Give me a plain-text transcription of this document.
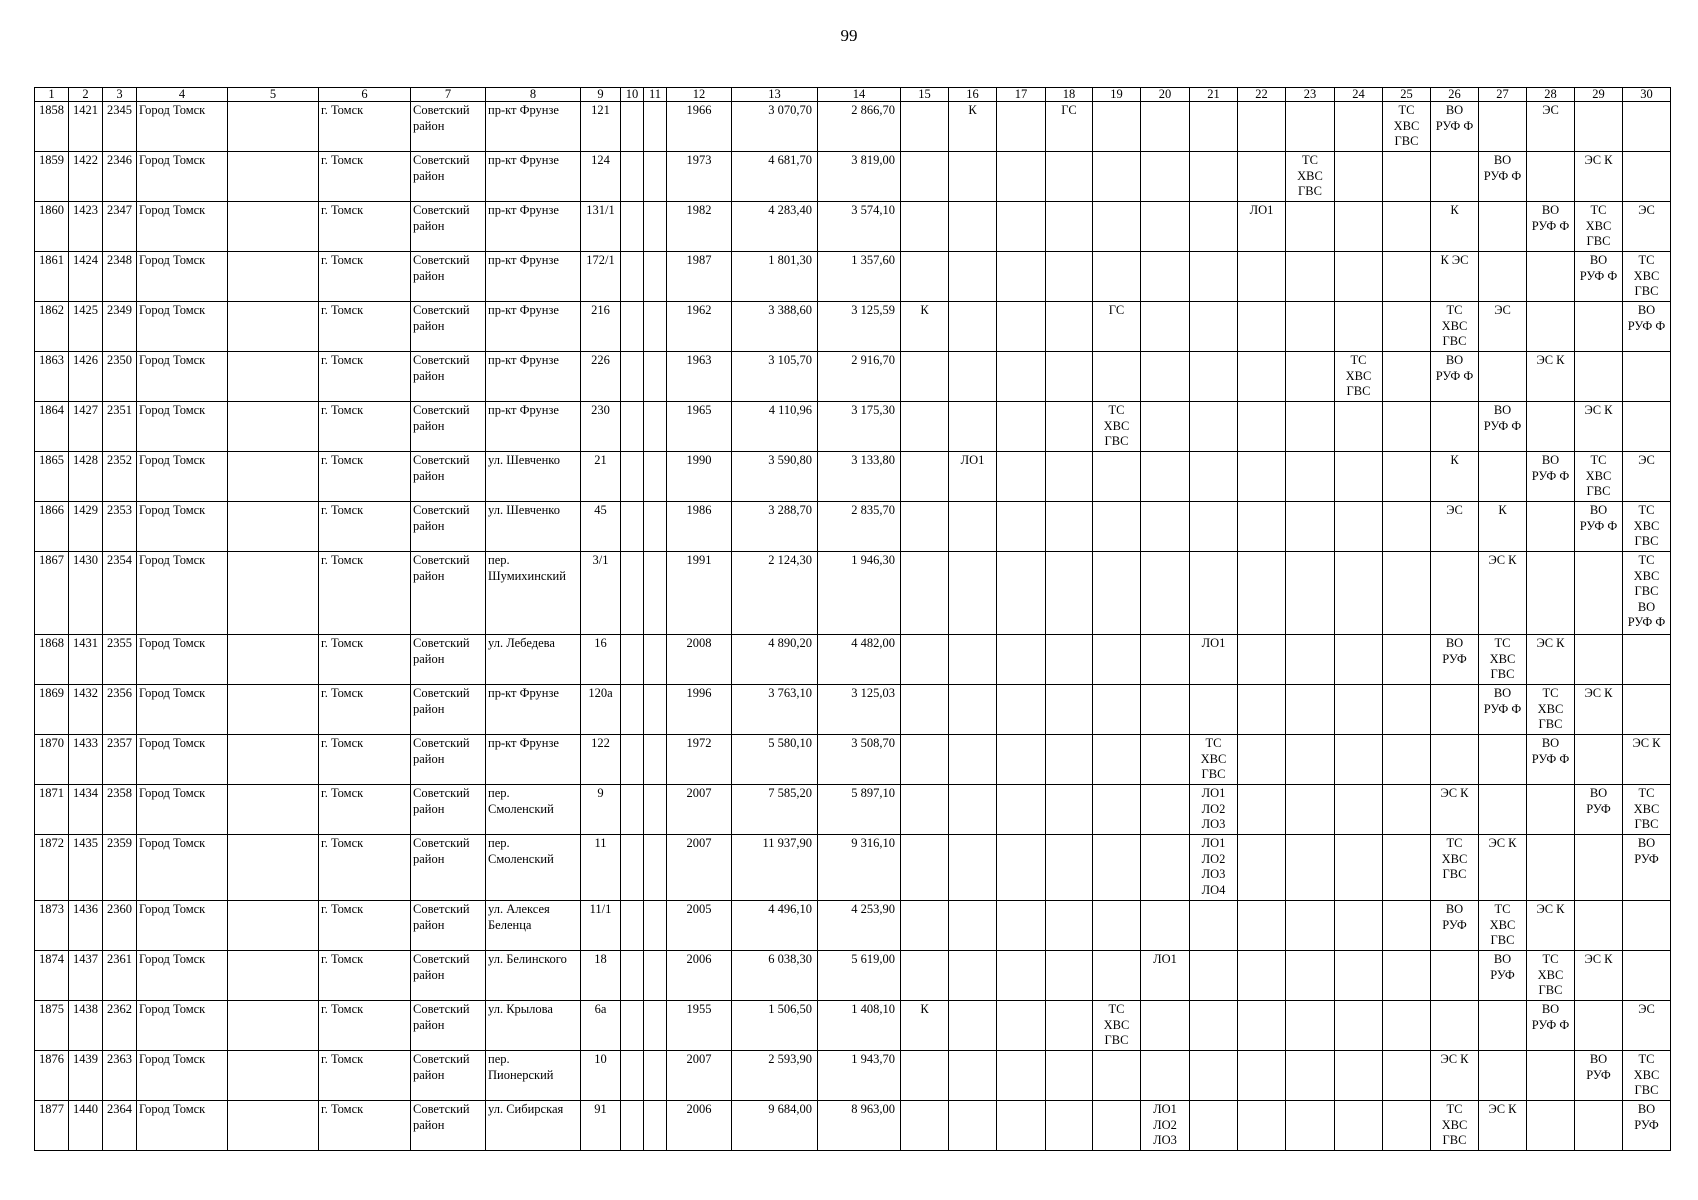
99
1	2	3	4	5	6	7	8	9	10	11	12	13	14	15	16	17	18	19	20	21	22	23	24	25	26	27	28	29	30
1858	1421	2345	Город Томск		г. Томск	Советский район	пр-кт Фрунзе	121			1966	3 070,70	2 866,70		К		ГС							ТС
ХВС
ГВС	ВО
РУФ Ф		ЭС		
1859	1422	2346	Город Томск		г. Томск	Советский район	пр-кт Фрунзе	124			1973	4 681,70	3 819,00									ТС
ХВС
ГВС				ВО
РУФ Ф		ЭС К	
1860	1423	2347	Город Томск		г. Томск	Советский район	пр-кт Фрунзе	131/1			1982	4 283,40	3 574,10								ЛО1				К		ВО
РУФ Ф	ТС
ХВС
ГВС	ЭС
1861	1424	2348	Город Томск		г. Томск	Советский район	пр-кт Фрунзе	172/1			1987	1 801,30	1 357,60												К ЭС			ВО
РУФ Ф	ТС
ХВС
ГВС
1862	1425	2349	Город Томск		г. Томск	Советский район	пр-кт Фрунзе	216			1962	3 388,60	3 125,59	К				ГС							ТС
ХВС
ГВС	ЭС			ВО
РУФ Ф
1863	1426	2350	Город Томск		г. Томск	Советский район	пр-кт Фрунзе	226			1963	3 105,70	2 916,70										ТС
ХВС
ГВС		ВО
РУФ Ф		ЭС К		
1864	1427	2351	Город Томск		г. Томск	Советский район	пр-кт Фрунзе	230			1965	4 110,96	3 175,30					ТС
ХВС
ГВС								ВО
РУФ Ф		ЭС К	
1865	1428	2352	Город Томск		г. Томск	Советский район	ул. Шевченко	21			1990	3 590,80	3 133,80		ЛО1										К		ВО
РУФ Ф	ТС
ХВС
ГВС	ЭС
1866	1429	2353	Город Томск		г. Томск	Советский район	ул. Шевченко	45			1986	3 288,70	2 835,70												ЭС	К		ВО
РУФ Ф	ТС
ХВС
ГВС
1867	1430	2354	Город Томск		г. Томск	Советский район	пер. Шумихинский	3/1			1991	2 124,30	1 946,30													ЭС К			ТС
ХВС
ГВС
ВО
РУФ Ф
1868	1431	2355	Город Томск		г. Томск	Советский район	ул. Лебедева	16			2008	4 890,20	4 482,00							ЛО1					ВО
РУФ	ТС
ХВС
ГВС	ЭС К		
1869	1432	2356	Город Томск		г. Томск	Советский район	пр-кт Фрунзе	120а			1996	3 763,10	3 125,03													ВО
РУФ Ф	ТС
ХВС
ГВС	ЭС К	
1870	1433	2357	Город Томск		г. Томск	Советский район	пр-кт Фрунзе	122			1972	5 580,10	3 508,70							ТС
ХВС
ГВС							ВО
РУФ Ф		ЭС К
1871	1434	2358	Город Томск		г. Томск	Советский район	пер. Смоленский	9			2007	7 585,20	5 897,10							ЛО1
ЛО2
ЛО3					ЭС К			ВО
РУФ	ТС
ХВС
ГВС
1872	1435	2359	Город Томск		г. Томск	Советский район	пер. Смоленский	11			2007	11 937,90	9 316,10							ЛО1
ЛО2
ЛО3
ЛО4					ТС
ХВС
ГВС	ЭС К			ВО
РУФ
1873	1436	2360	Город Томск		г. Томск	Советский район	ул. Алексея Беленца	11/1			2005	4 496,10	4 253,90												ВО
РУФ	ТС
ХВС
ГВС	ЭС К		
1874	1437	2361	Город Томск		г. Томск	Советский район	ул. Белинского	18			2006	6 038,30	5 619,00						ЛО1							ВО
РУФ	ТС
ХВС
ГВС	ЭС К	
1875	1438	2362	Город Томск		г. Томск	Советский район	ул. Крылова	6а			1955	1 506,50	1 408,10	К				ТС
ХВС
ГВС									ВО
РУФ Ф		ЭС
1876	1439	2363	Город Томск		г. Томск	Советский район	пер. Пионерский	10			2007	2 593,90	1 943,70												ЭС К			ВО
РУФ	ТС
ХВС
ГВС
1877	1440	2364	Город Томск		г. Томск	Советский район	ул. Сибирская	91			2006	9 684,00	8 963,00						ЛО1
ЛО2
ЛО3						ТС
ХВС
ГВС	ЭС К			ВО
РУФ
